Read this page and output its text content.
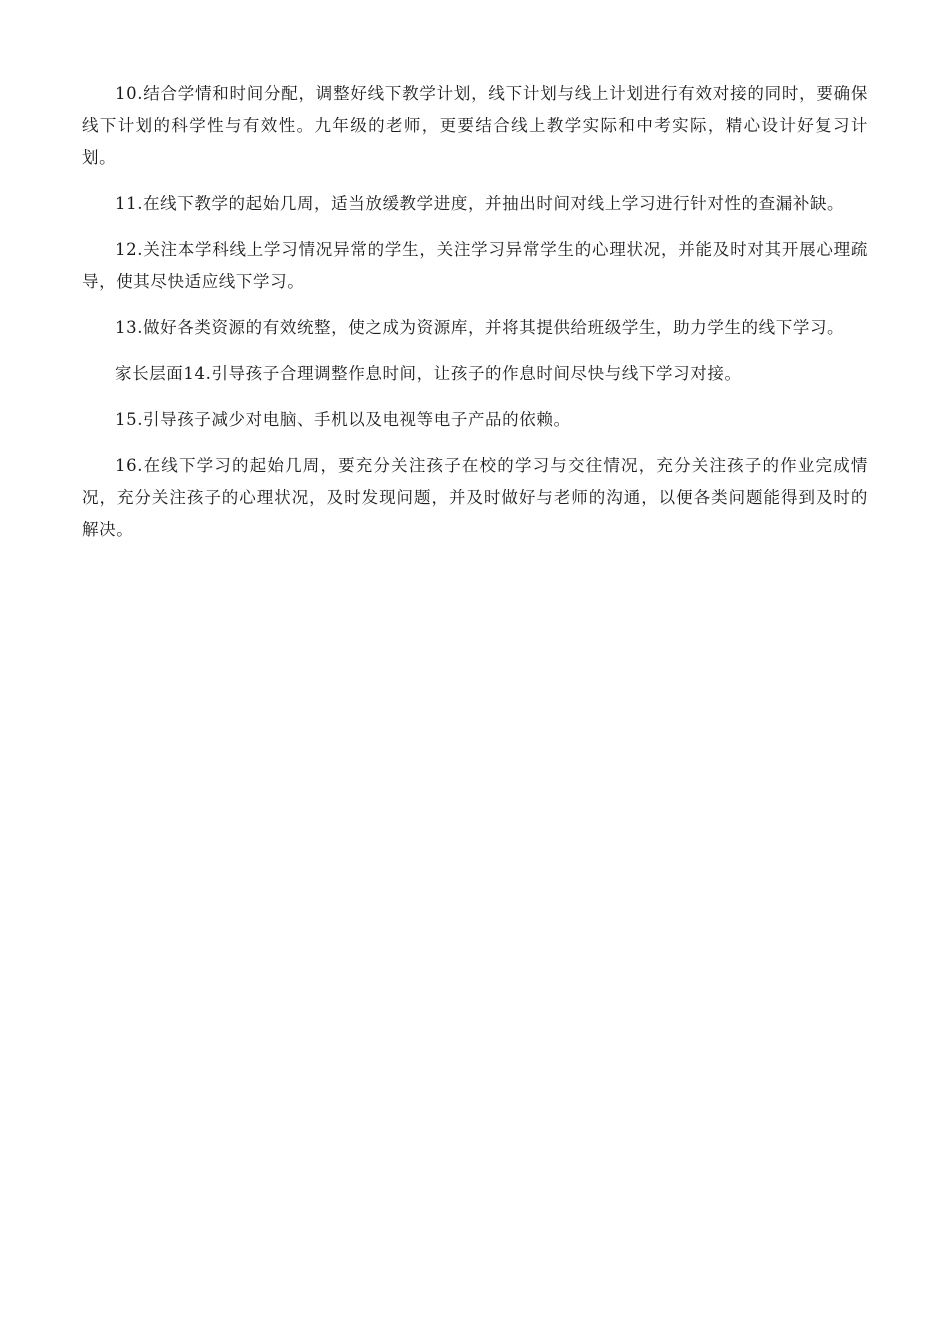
10.结合学情和时间分配，调整好线下教学计划，线下计划与线上计划进行有效对接的同时，要确保线下计划的科学性与有效性。九年级的老师，更要结合线上教学实际和中考实际，精心设计好复习计划。

11.在线下教学的起始几周，适当放缓教学进度，并抽出时间对线上学习进行针对性的查漏补缺。

12.关注本学科线上学习情况异常的学生，关注学习异常学生的心理状况，并能及时对其开展心理疏导，使其尽快适应线下学习。

13.做好各类资源的有效统整，使之成为资源库，并将其提供给班级学生，助力学生的线下学习。

家长层面14.引导孩子合理调整作息时间，让孩子的作息时间尽快与线下学习对接。

15.引导孩子减少对电脑、手机以及电视等电子产品的依赖。

16.在线下学习的起始几周，要充分关注孩子在校的学习与交往情况，充分关注孩子的作业完成情况，充分关注孩子的心理状况，及时发现问题，并及时做好与老师的沟通，以便各类问题能得到及时的解决。
